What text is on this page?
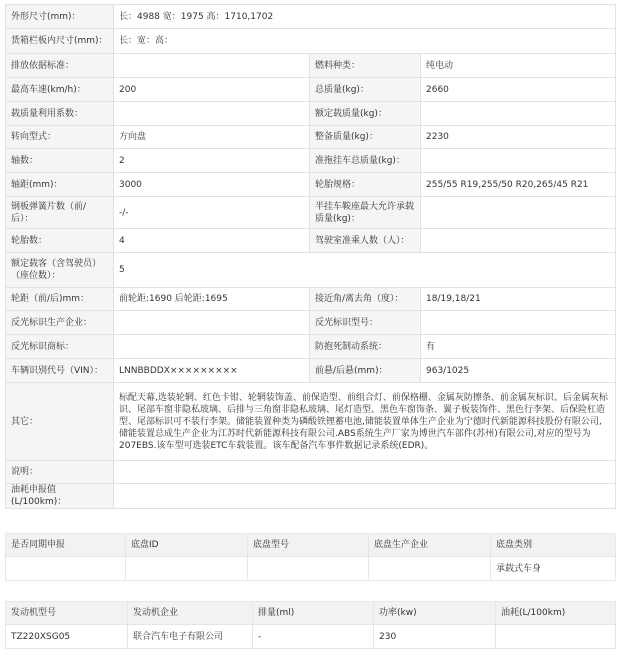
外形尺寸(mm)：	长：4988 宽：1975 高：1710,1702		
货箱栏板内尺寸(mm)：	长：宽：高：		
排放依据标准：		燃料种类：	纯电动
最高车速(km/h)：	200	总质量(kg)：	2660
载质量利用系数：		额定载质量(kg)：	
转向型式：	方向盘	整备质量(kg)：	2230
轴数：	2	准拖挂车总质量(kg)：	
轴距(mm)：	3000	轮胎规格：	255/55 R19,255/50 R20,265/45 R21
钢板弹簧片数（前/后）：	-/-	半挂车鞍座最大允许承载质量(kg)：	
轮胎数：	4	驾驶室准乘人数（人）：	
额定载客（含驾驶员）（座位数）：	5		
轮距（前/后)mm：	前轮距:1690 后轮距:1695	接近角/离去角（度）：	18/19,18/21
反光标识生产企业：		反光标识型号：	
反光标识商标：		防抱死制动系统：	有
车辆识别代号（VIN）：	LNNBBDDX×××××××××	前悬/后悬(mm)：	963/1025
其它：	标配天幕,选装轮辋、红色卡钳、轮辋装饰盖、前保造型、前组合灯、前保格栅、金属灰防擦条、前金属灰标识、后金属灰标识、尾部车窗非隐私玻璃、后排与三角窗非隐私玻璃、尾灯造型、黑色车窗饰条、翼子板装饰件、黑色行李架、后保险杠造型、尾部标识可不装行李架。储能装置种类为磷酸铁锂蓄电池,储能装置单体生产企业为宁德时代新能源科技股份有限公司,储能装置总成生产企业为江苏时代新能源科技有限公司.ABS系统生产厂家为博世汽车部件(苏州)有限公司,对应的型号为207EBS.该车型可选装ETC车载装置。该车配备汽车事件数据记录系统(EDR)。		
说明：			
油耗申报值(L/100km)：			
是否同期申报	底盘ID	底盘型号	底盘生产企业	底盘类别
				承载式车身
发动机型号	发动机企业	排量(ml)	功率(kw)	油耗(L/100km)
TZ220XSG05	联合汽车电子有限公司	-	230	
